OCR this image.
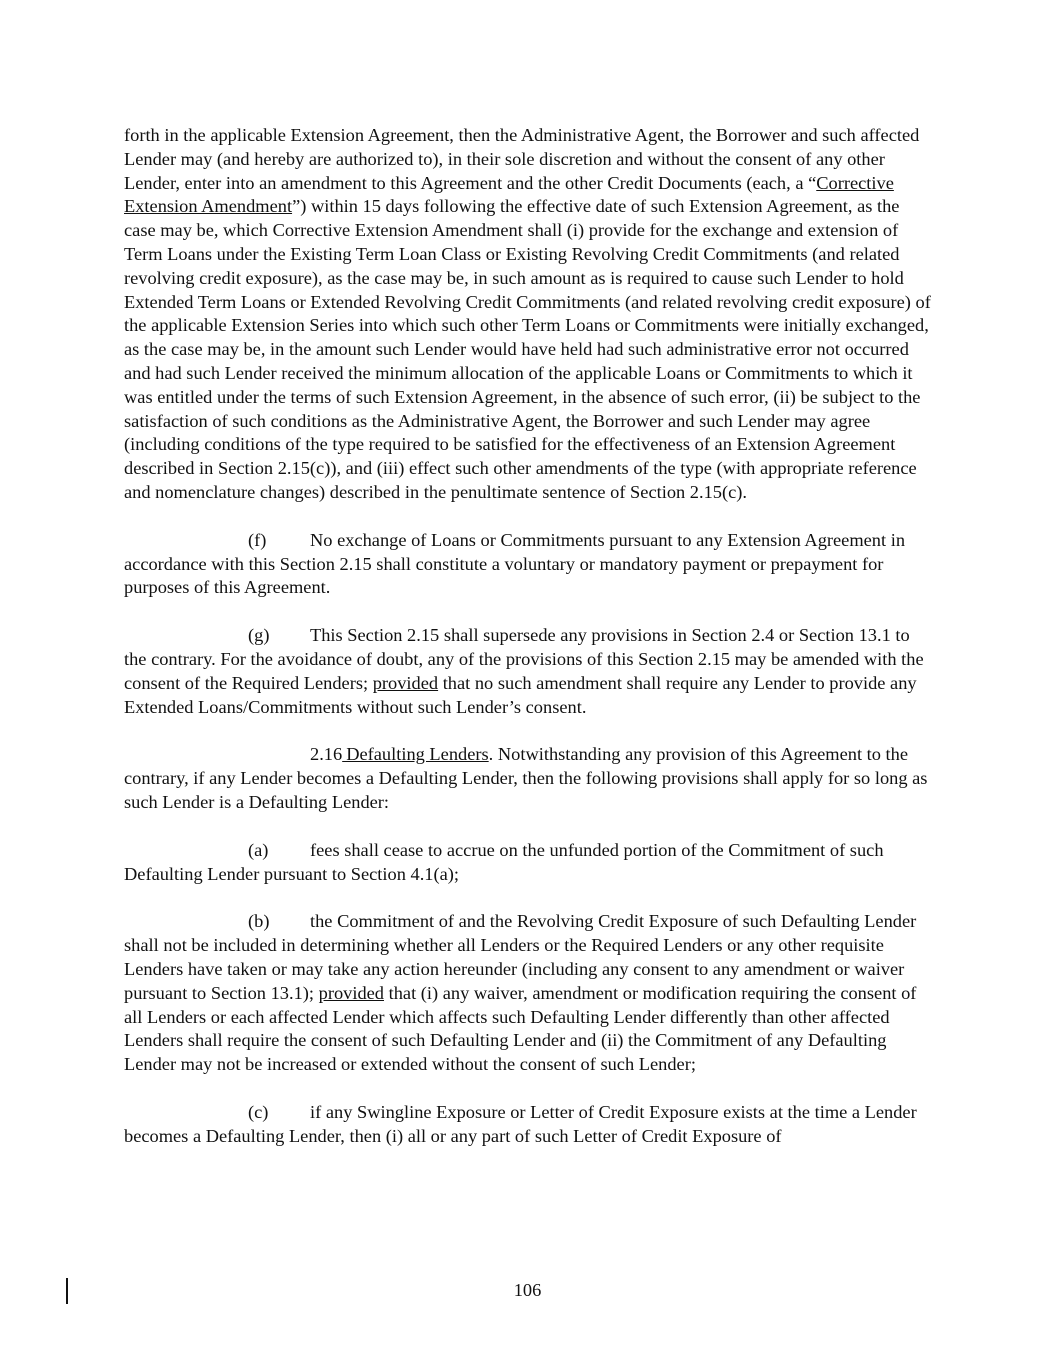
forth in the applicable Extension Agreement, then the Administrative Agent, the Borrower and such affected Lender may (and hereby are authorized to), in their sole discretion and without the consent of any other Lender, enter into an amendment to this Agreement and the other Credit Documents (each, a “Corrective Extension Amendment”) within 15 days following the effective date of such Extension Agreement, as the case may be, which Corrective Extension Amendment shall (i) provide for the exchange and extension of Term Loans under the Existing Term Loan Class or Existing Revolving Credit Commitments (and related revolving credit exposure), as the case may be, in such amount as is required to cause such Lender to hold Extended Term Loans or Extended Revolving Credit Commitments (and related revolving credit exposure) of the applicable Extension Series into which such other Term Loans or Commitments were initially exchanged, as the case may be, in the amount such Lender would have held had such administrative error not occurred and had such Lender received the minimum allocation of the applicable Loans or Commitments to which it was entitled under the terms of such Extension Agreement, in the absence of such error, (ii) be subject to the satisfaction of such conditions as the Administrative Agent, the Borrower and such Lender may agree (including conditions of the type required to be satisfied for the effectiveness of an Extension Agreement described in Section 2.15(c)), and (iii) effect such other amendments of the type (with appropriate reference and nomenclature changes) described in the penultimate sentence of Section 2.15(c).

(f) No exchange of Loans or Commitments pursuant to any Extension Agreement in accordance with this Section 2.15 shall constitute a voluntary or mandatory payment or prepayment for purposes of this Agreement.

(g) This Section 2.15 shall supersede any provisions in Section 2.4 or Section 13.1 to the contrary. For the avoidance of doubt, any of the provisions of this Section 2.15 may be amended with the consent of the Required Lenders; provided that no such amendment shall require any Lender to provide any Extended Loans/Commitments without such Lender’s consent.

2.16 Defaulting Lenders. Notwithstanding any provision of this Agreement to the contrary, if any Lender becomes a Defaulting Lender, then the following provisions shall apply for so long as such Lender is a Defaulting Lender:

(a) fees shall cease to accrue on the unfunded portion of the Commitment of such Defaulting Lender pursuant to Section 4.1(a);

(b) the Commitment of and the Revolving Credit Exposure of such Defaulting Lender shall not be included in determining whether all Lenders or the Required Lenders or any other requisite Lenders have taken or may take any action hereunder (including any consent to any amendment or waiver pursuant to Section 13.1); provided that (i) any waiver, amendment or modification requiring the consent of all Lenders or each affected Lender which affects such Defaulting Lender differently than other affected Lenders shall require the consent of such Defaulting Lender and (ii) the Commitment of any Defaulting Lender may not be increased or extended without the consent of such Lender;

(c) if any Swingline Exposure or Letter of Credit Exposure exists at the time a Lender becomes a Defaulting Lender, then (i) all or any part of such Letter of Credit Exposure of

106
